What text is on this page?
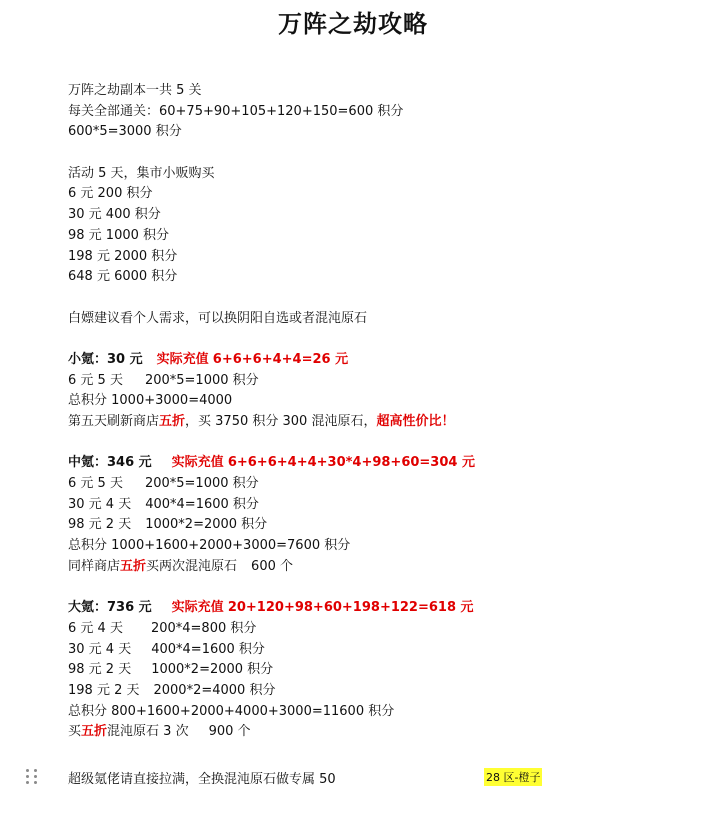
万阵之劫攻略
万阵之劫副本一共 5 关
每关全部通关：60+75+90+105+120+150=600 积分
600*5=3000 积分
活动 5 天，集市小贩购买
6 元 200 积分
30 元 400 积分
98 元 1000 积分
198 元 2000 积分
648 元 6000 积分
白嫖建议看个人需求，可以换阴阳自选或者混沌原石
小氪：30 元 实际充值 6+6+6+4+4=26 元
6 元 5 天 200*5=1000 积分
总积分 1000+3000=4000
第五天刷新商店五折，买 3750 积分 300 混沌原石，超高性价比！
中氪：346 元 实际充值 6+6+6+4+4+30*4+98+60=304 元
6 元 5 天 200*5=1000 积分
30 元 4 天 400*4=1600 积分
98 元 2 天 1000*2=2000 积分
总积分 1000+1600+2000+3000=7600 积分
同样商店五折买两次混沌原石 600 个
大氪：736 元 实际充值 20+120+98+60+198+122=618 元
6 元 4 天 200*4=800 积分
30 元 4 天 400*4=1600 积分
98 元 2 天 1000*2=2000 积分
198 元 2 天 2000*2=4000 积分
总积分 800+1600+2000+4000+3000=11600 积分
买五折混沌原石 3 次 900 个
超级氪佬请直接拉满，全换混沌原石做专属 50	28 区-橙子
